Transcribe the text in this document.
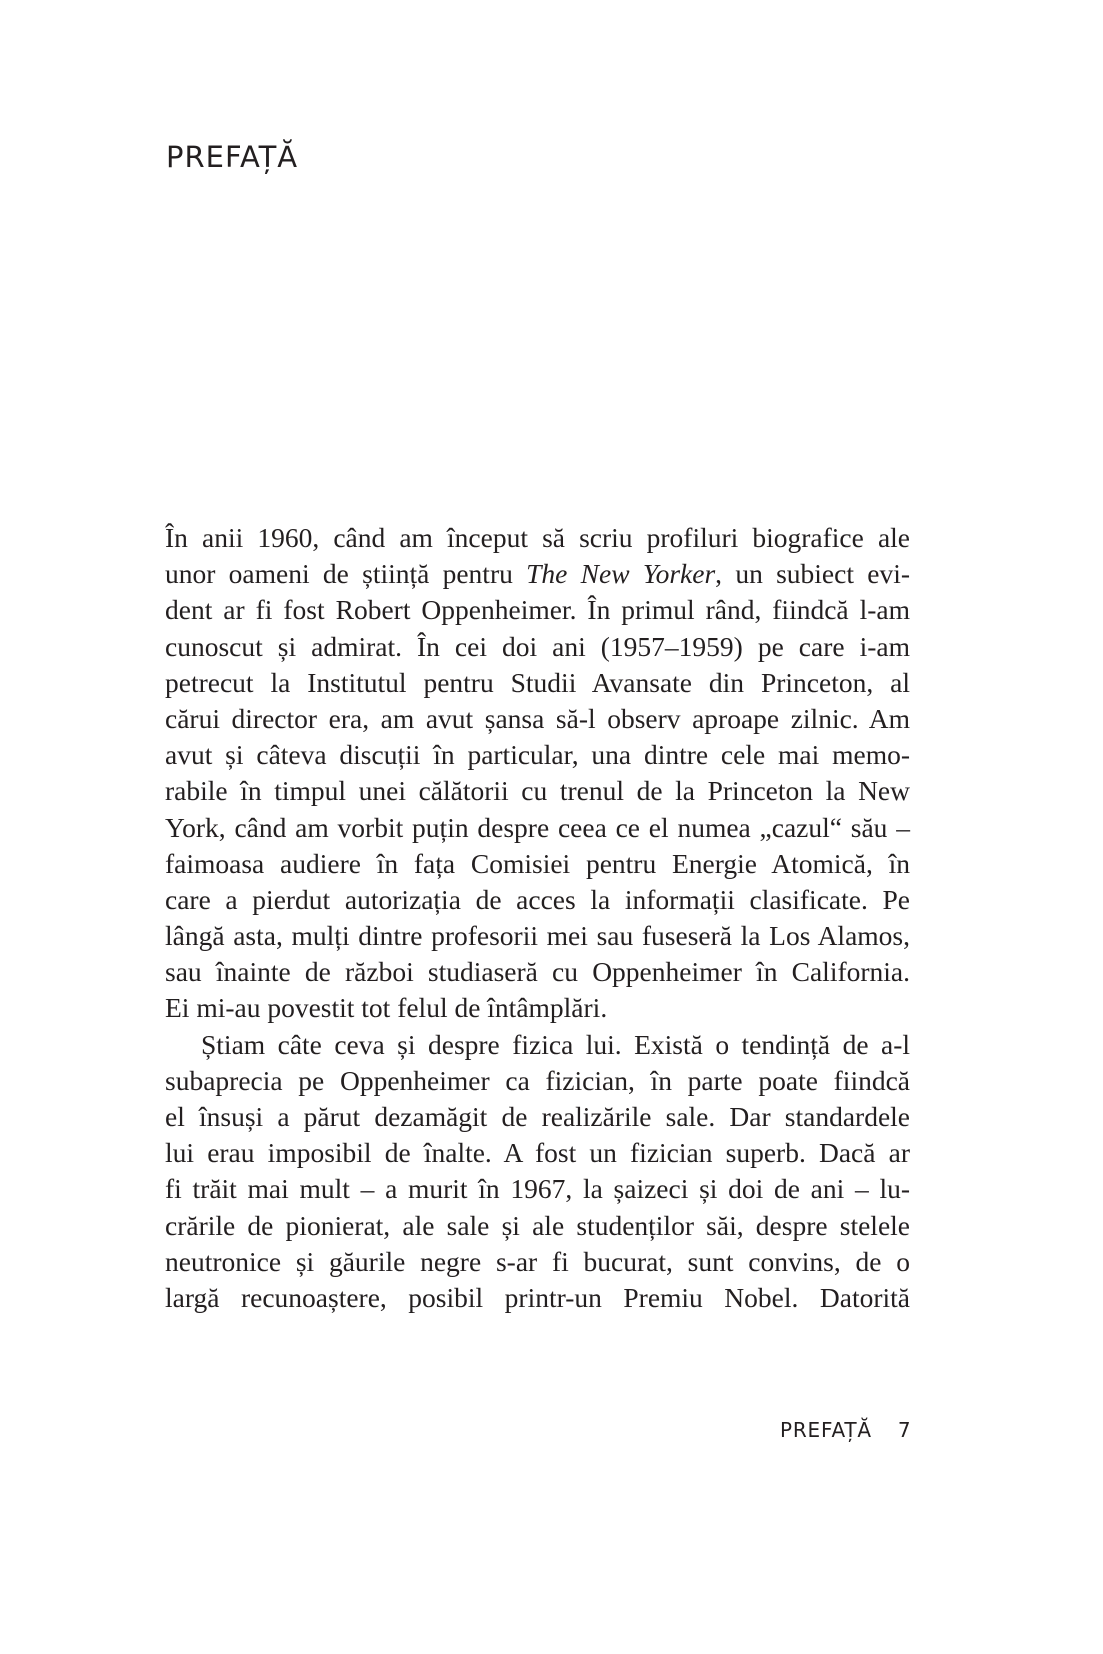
PREFAȚĂ
În anii 1960, când am început să scriu profiluri biografice ale
unor oameni de știință pentru The New Yorker, un subiect evi-
dent ar fi fost Robert Oppenheimer. În primul rând, fiindcă l-am
cunoscut și admirat. În cei doi ani (1957–1959) pe care i-am
petrecut la Institutul pentru Studii Avansate din Princeton, al
cărui director era, am avut șansa să-l observ aproape zilnic. Am
avut și câteva discuții în particular, una dintre cele mai memo-
rabile în timpul unei călătorii cu trenul de la Princeton la New
York, când am vorbit puțin despre ceea ce el numea „cazul“ său –
faimoasa audiere în fața Comisiei pentru Energie Atomică, în
care a pierdut autorizația de acces la informații clasificate. Pe
lângă asta, mulți dintre profesorii mei sau fuseseră la Los Alamos,
sau înainte de război studiaseră cu Oppenheimer în California.
Ei mi-au povestit tot felul de întâmplări.
Știam câte ceva și despre fizica lui. Există o tendință de a-l
subaprecia pe Oppenheimer ca fizician, în parte poate fiindcă
el însuși a părut dezamăgit de realizările sale. Dar standardele
lui erau imposibil de înalte. A fost un fizician superb. Dacă ar
fi trăit mai mult – a murit în 1967, la șaizeci și doi de ani – lu-
crările de pionierat, ale sale și ale studenților săi, despre stelele
neutronice și găurile negre s-ar fi bucurat, sunt convins, de o
largă recunoaștere, posibil printr-un Premiu Nobel. Datorită
PREFAȚĂ 7
